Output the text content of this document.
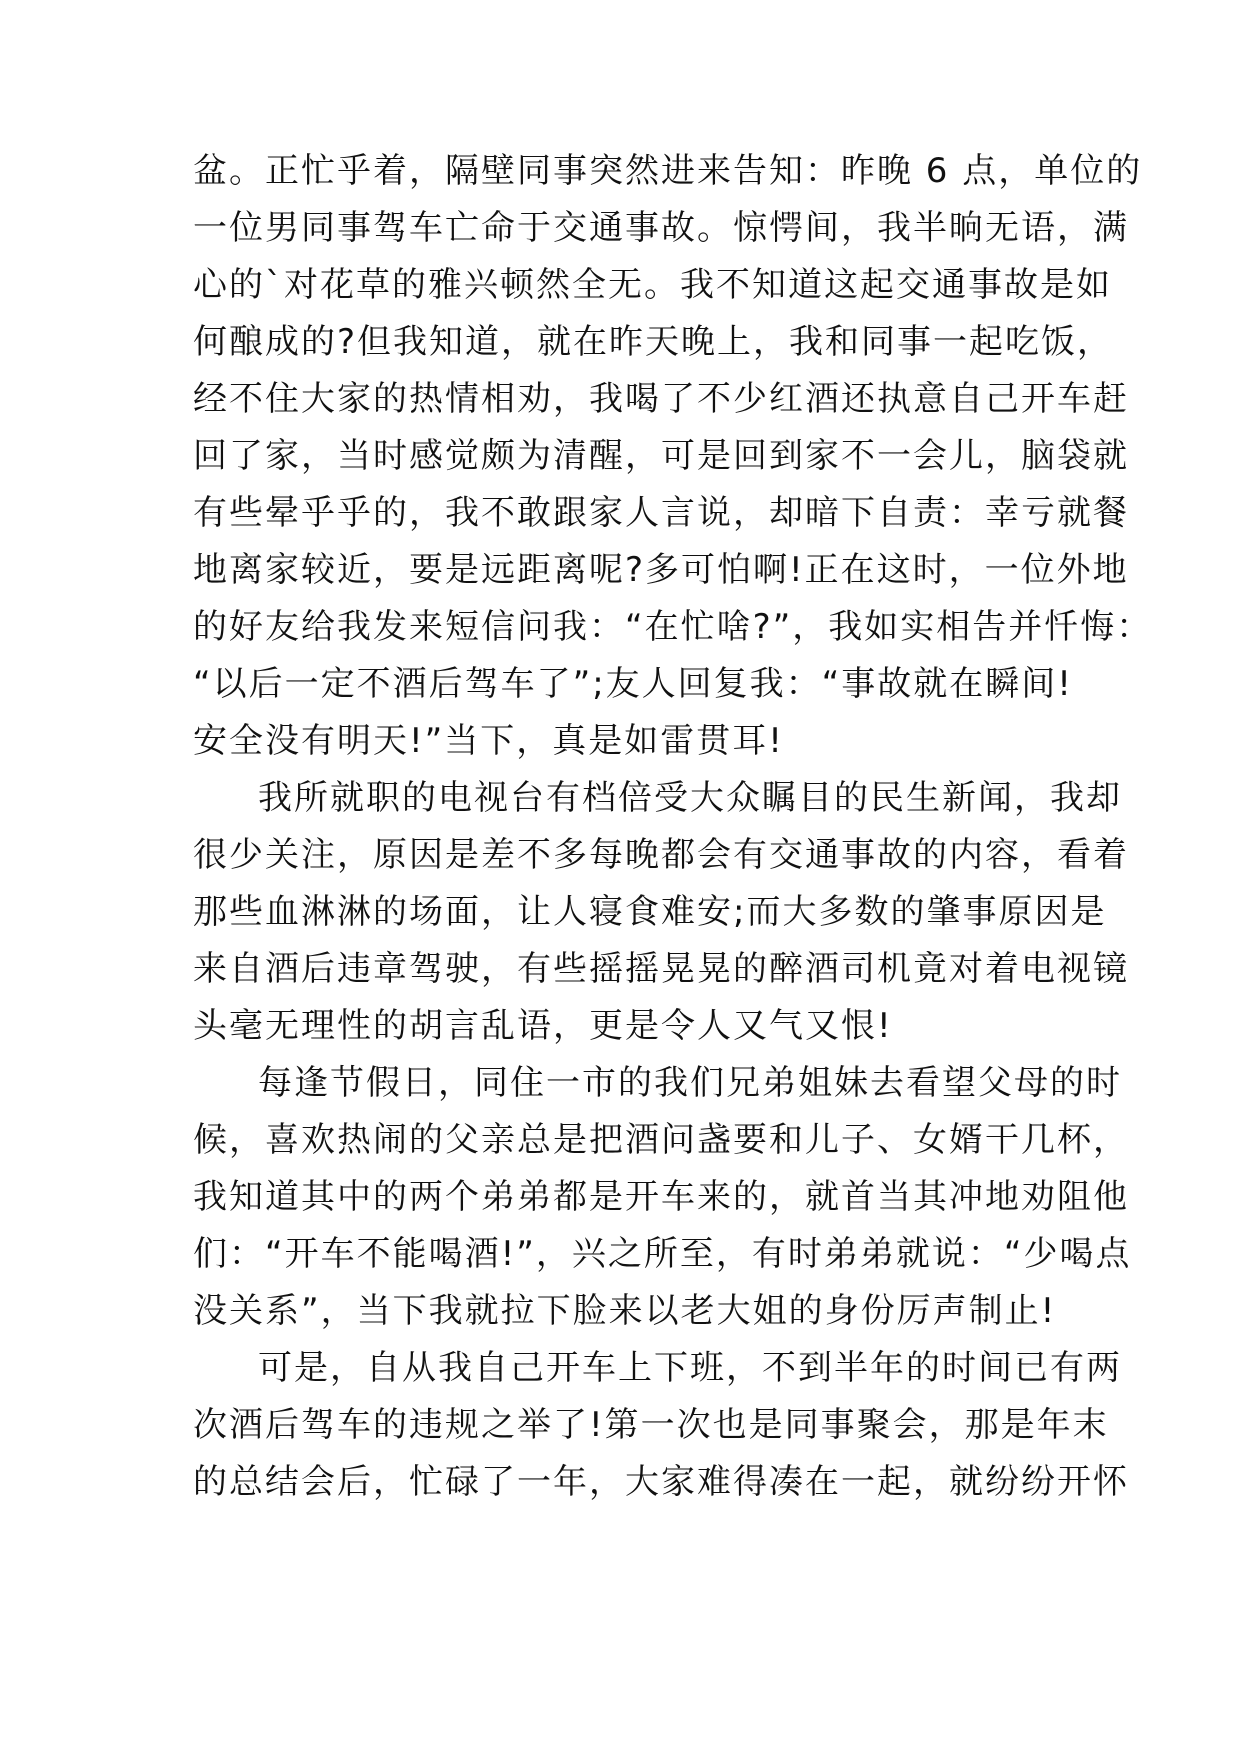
盆。正忙乎着，隔壁同事突然进来告知：昨晚 6 点，单位的

一位男同事驾车亡命于交通事故。惊愕间，我半晌无语，满

心的`对花草的雅兴顿然全无。我不知道这起交通事故是如

何酿成的?但我知道，就在昨天晚上，我和同事一起吃饭，

经不住大家的热情相劝，我喝了不少红酒还执意自己开车赶

回了家，当时感觉颇为清醒，可是回到家不一会儿，脑袋就

有些晕乎乎的，我不敢跟家人言说，却暗下自责：幸亏就餐

地离家较近，要是远距离呢?多可怕啊!正在这时，一位外地

的好友给我发来短信问我：“在忙啥?”，我如实相告并忏悔：

“以后一定不酒后驾车了”;友人回复我：“事故就在瞬间!

安全没有明天!”当下，真是如雷贯耳!

我所就职的电视台有档倍受大众瞩目的民生新闻，我却

很少关注，原因是差不多每晚都会有交通事故的内容，看着

那些血淋淋的场面，让人寝食难安;而大多数的肇事原因是

来自酒后违章驾驶，有些摇摇晃晃的醉酒司机竟对着电视镜

头毫无理性的胡言乱语，更是令人又气又恨!

每逢节假日，同住一市的我们兄弟姐妹去看望父母的时

候，喜欢热闹的父亲总是把酒问盏要和儿子、女婿干几杯，

我知道其中的两个弟弟都是开车来的，就首当其冲地劝阻他

们：“开车不能喝酒!”，兴之所至，有时弟弟就说：“少喝点

没关系”，当下我就拉下脸来以老大姐的身份厉声制止!

可是，自从我自己开车上下班，不到半年的时间已有两

次酒后驾车的违规之举了!第一次也是同事聚会，那是年末

的总结会后，忙碌了一年，大家难得凑在一起，就纷纷开怀
